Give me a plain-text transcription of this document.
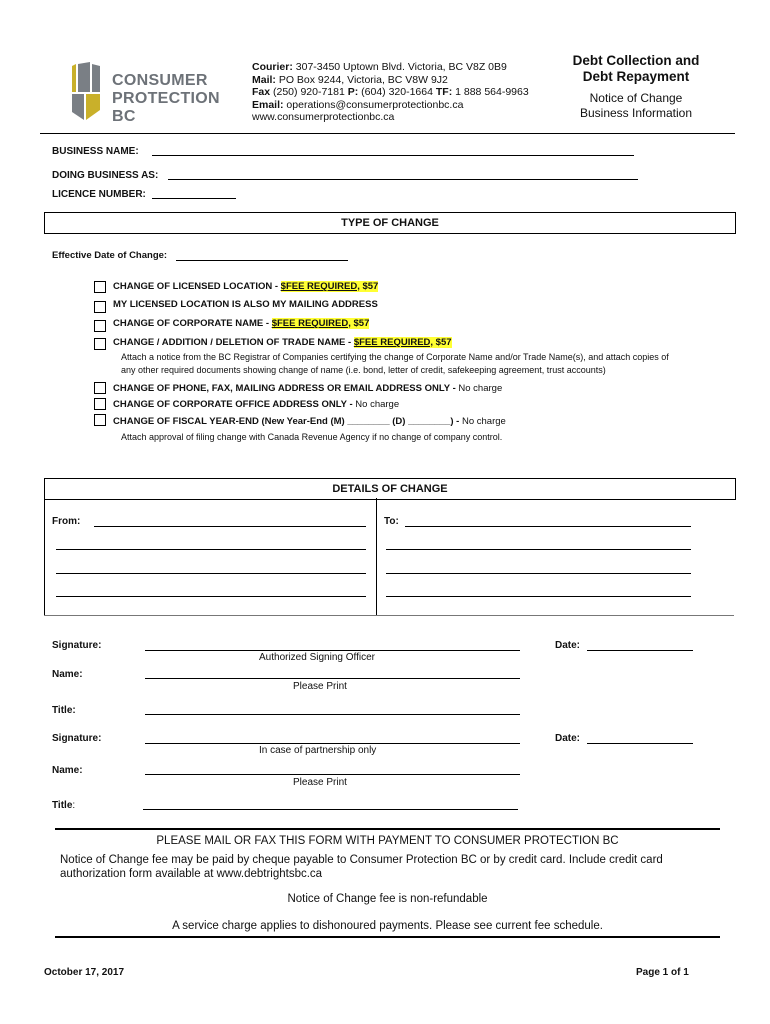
CONSUMER
PROTECTION BC
Courier: 307-3450 Uptown Blvd. Victoria, BC V8Z 0B9
Mail: PO Box 9244, Victoria, BC V8W 9J2
Fax (250) 920-7181 P: (604) 320-1664 TF: 1 888 564-9963
Email: operations@consumerprotectionbc.ca
www.consumerprotectionbc.ca
Debt Collection and
Debt Repayment
Notice of Change
Business Information
BUSINESS NAME:
DOING BUSINESS AS:
LICENCE NUMBER:
TYPE OF CHANGE
Effective Date of Change:
CHANGE OF LICENSED LOCATION - $FEE REQUIRED, $57
MY LICENSED LOCATION IS ALSO MY MAILING ADDRESS
CHANGE OF CORPORATE NAME - $FEE REQUIRED, $57
CHANGE / ADDITION / DELETION OF TRADE NAME - $FEE REQUIRED, $57
Attach a notice from the BC Registrar of Companies certifying the change of Corporate Name and/or Trade Name(s), and attach copies of
any other required documents showing change of name (i.e. bond, letter of credit, safekeeping agreement, trust accounts)
CHANGE OF PHONE, FAX, MAILING ADDRESS OR EMAIL ADDRESS ONLY - No charge
CHANGE OF CORPORATE OFFICE ADDRESS ONLY - No charge
CHANGE OF FISCAL YEAR-END (New Year-End (M) ________ (D) ________) - No charge
Attach approval of filing change with Canada Revenue Agency if no change of company control.
DETAILS OF CHANGE
From:	To:
Signature:
Authorized Signing Officer
Date:
Name:
Please Print
Title:
Signature:
In case of partnership only
Date:
Name:
Please Print
Title:
PLEASE MAIL OR FAX THIS FORM WITH PAYMENT TO CONSUMER PROTECTION BC
Notice of Change fee may be paid by cheque payable to Consumer Protection BC or by credit card. Include credit card
authorization form available at www.debtrightsbc.ca
Notice of Change fee is non-refundable
A service charge applies to dishonoured payments. Please see current fee schedule.
October 17, 2017	Page 1 of 1
